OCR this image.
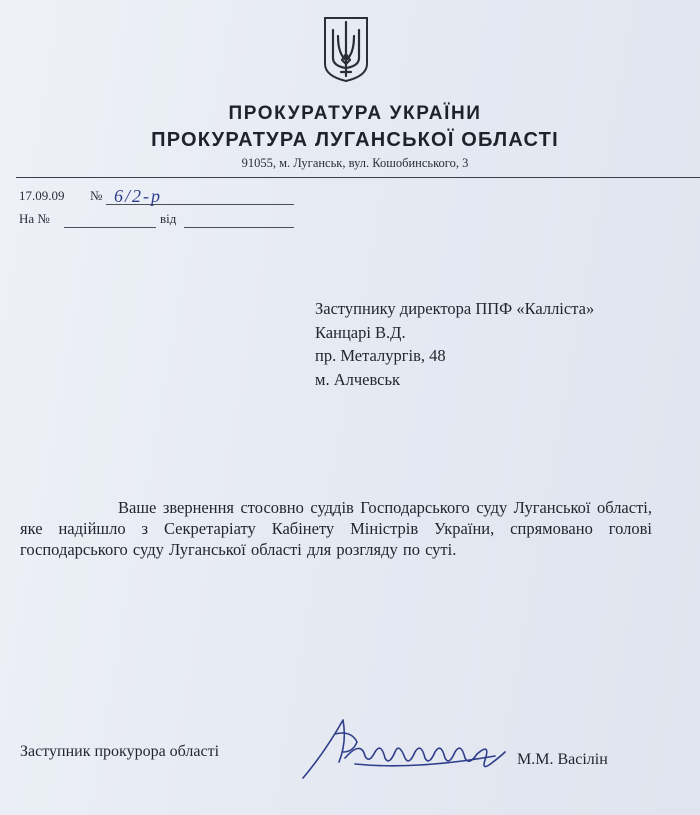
ПРОКУРАТУРА УКРАЇНИ
ПРОКУРАТУРА ЛУГАНСЬКОЇ ОБЛАСТІ
91055, м. Луганськ, вул. Кошобинського, 3
17.09.09 № 6/2-р
На №	від
Заступнику директора ППФ «Каллiста»
Канцарi В.Д.
пр. Металургiв, 48
м. Алчевськ
Ваше звернення стосовно суддiв Господарського суду Луганської областi, яке надiйшло з Секретарiату Кабiнету Мiнiстрiв України, спрямовано головi господарського суду Луганської областi для розгляду по сутi.
Заступник прокурора областi	М.М. Васiлiн
